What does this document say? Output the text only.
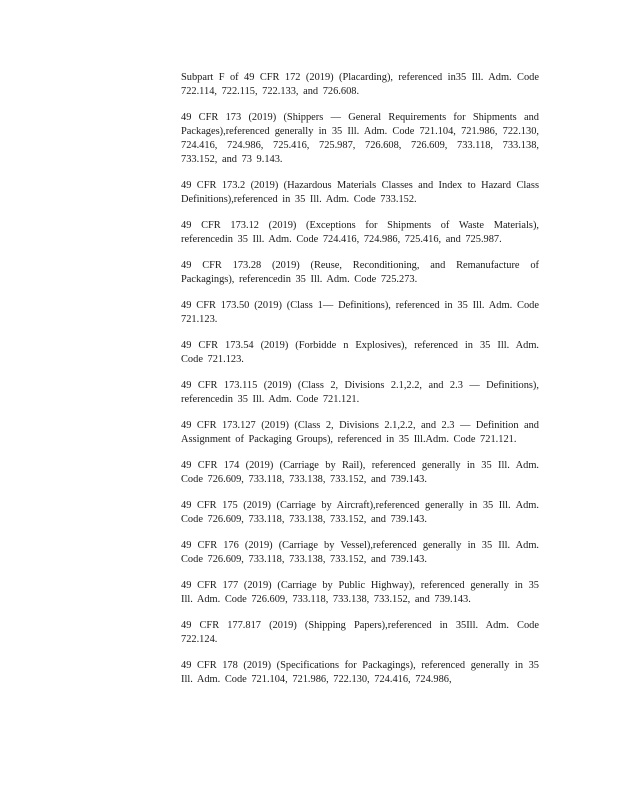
Subpart F of 49 CFR 172 (2019) (Placarding), referenced in35 Ill. Adm. Code 722.114, 722.115, 722.133, and 726.608.

49 CFR 173 (2019) (Shippers — General Requirements for Shipments and Packages),referenced generally in 35 Ill. Adm. Code 721.104, 721.986, 722.130, 724.416, 724.986, 725.416, 725.987, 726.608, 726.609, 733.118, 733.138, 733.152, and 73 9.143.

49 CFR 173.2 (2019) (Hazardous Materials Classes and Index to Hazard Class Definitions),referenced in 35 Ill. Adm. Code 733.152.

49 CFR 173.12 (2019) (Exceptions for Shipments of Waste Materials), referencedin 35 Ill. Adm. Code 724.416, 724.986, 725.416, and 725.987.

49 CFR 173.28 (2019) (Reuse, Reconditioning, and Remanufacture of Packagings), referencedin 35 Ill. Adm. Code 725.273.

49 CFR 173.50 (2019) (Class 1— Definitions), referenced in 35 Ill. Adm. Code 721.123.

49 CFR 173.54 (2019) (Forbidde n Explosives), referenced in 35 Ill. Adm. Code 721.123.

49 CFR 173.115 (2019) (Class 2, Divisions 2.1,2.2, and 2.3 — Definitions), referencedin 35 Ill. Adm. Code 721.121.

49 CFR 173.127 (2019) (Class 2, Divisions 2.1,2.2, and 2.3 — Definition and Assignment of Packaging Groups), referenced in 35 Ill.Adm. Code 721.121.

49 CFR 174 (2019) (Carriage by Rail), referenced generally in 35 Ill. Adm. Code 726.609, 733.118, 733.138, 733.152, and 739.143.

49 CFR 175 (2019) (Carriage by Aircraft),referenced generally in 35 Ill. Adm. Code 726.609, 733.118, 733.138, 733.152, and 739.143.

49 CFR 176 (2019) (Carriage by Vessel),referenced generally in 35 Ill. Adm. Code 726.609, 733.118, 733.138, 733.152, and 739.143.

49 CFR 177 (2019) (Carriage by Public Highway), referenced generally in 35 Ill. Adm. Code 726.609, 733.118, 733.138, 733.152, and 739.143.

49 CFR 177.817 (2019) (Shipping Papers),referenced in 35Ill. Adm. Code 722.124.

49 CFR 178 (2019) (Specifications for Packagings), referenced generally in 35 Ill. Adm. Code 721.104, 721.986, 722.130, 724.416, 724.986,
